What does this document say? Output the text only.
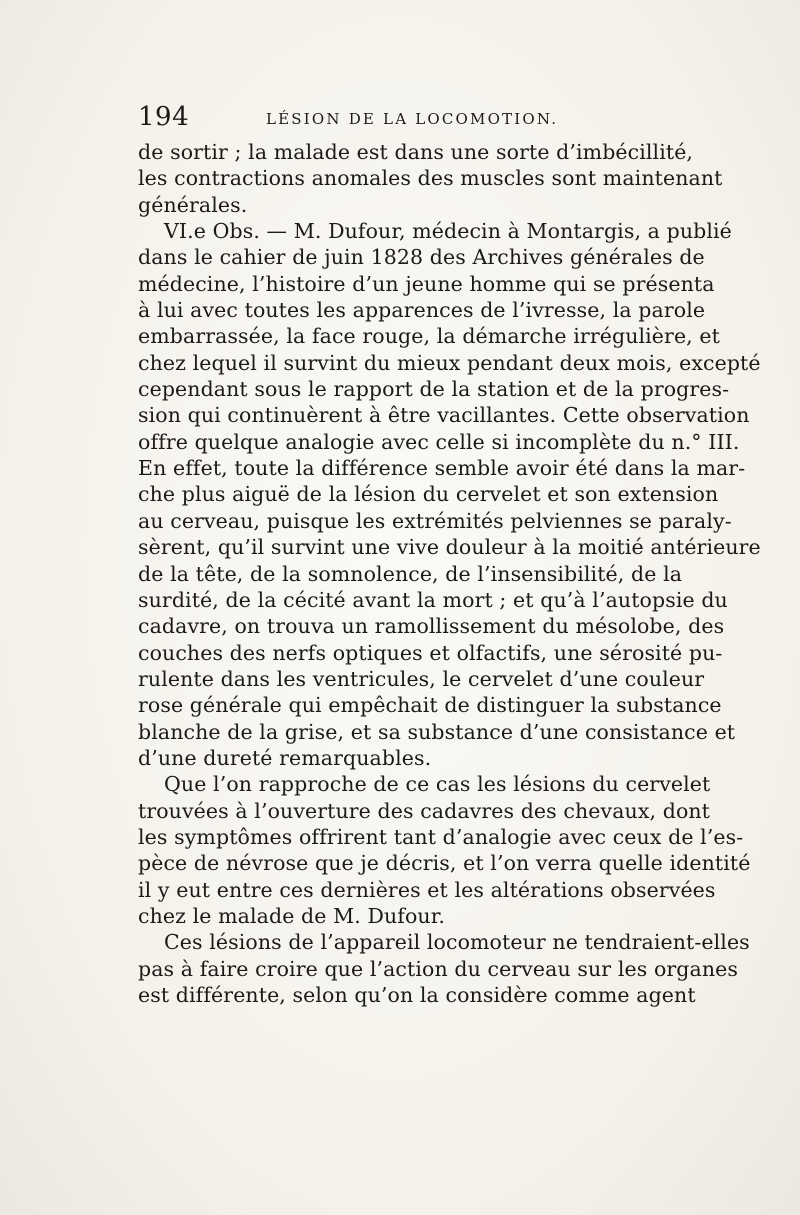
194	LÉSION DE LA LOCOMOTION.
de sortir ; la malade est dans une sorte d’imbécillité,
les contractions anomales des muscles sont maintenant
générales.
VI.e Obs. — M. Dufour, médecin à Montargis, a publié
dans le cahier de juin 1828 des Archives générales de
médecine, l’histoire d’un jeune homme qui se présenta
à lui avec toutes les apparences de l’ivresse, la parole
embarrassée, la face rouge, la démarche irrégulière, et
chez lequel il survint du mieux pendant deux mois, excepté
cependant sous le rapport de la station et de la progres-
sion qui continuèrent à être vacillantes. Cette observation
offre quelque analogie avec celle si incomplète du n.° III.
En effet, toute la différence semble avoir été dans la mar-
che plus aiguë de la lésion du cervelet et son extension
au cerveau, puisque les extrémités pelviennes se paraly-
sèrent, qu’il survint une vive douleur à la moitié antérieure
de la tête, de la somnolence, de l’insensibilité, de la
surdité, de la cécité avant la mort ; et qu’à l’autopsie du
cadavre, on trouva un ramollissement du mésolobe, des
couches des nerfs optiques et olfactifs, une sérosité pu-
rulente dans les ventricules, le cervelet d’une couleur
rose générale qui empêchait de distinguer la substance
blanche de la grise, et sa substance d’une consistance et
d’une dureté remarquables.
Que l’on rapproche de ce cas les lésions du cervelet
trouvées à l’ouverture des cadavres des chevaux, dont
les symptômes offrirent tant d’analogie avec ceux de l’es-
pèce de névrose que je décris, et l’on verra quelle identité
il y eut entre ces dernières et les altérations observées
chez le malade de M. Dufour.
Ces lésions de l’appareil locomoteur ne tendraient-elles
pas à faire croire que l’action du cerveau sur les organes
est différente, selon qu’on la considère comme agent
